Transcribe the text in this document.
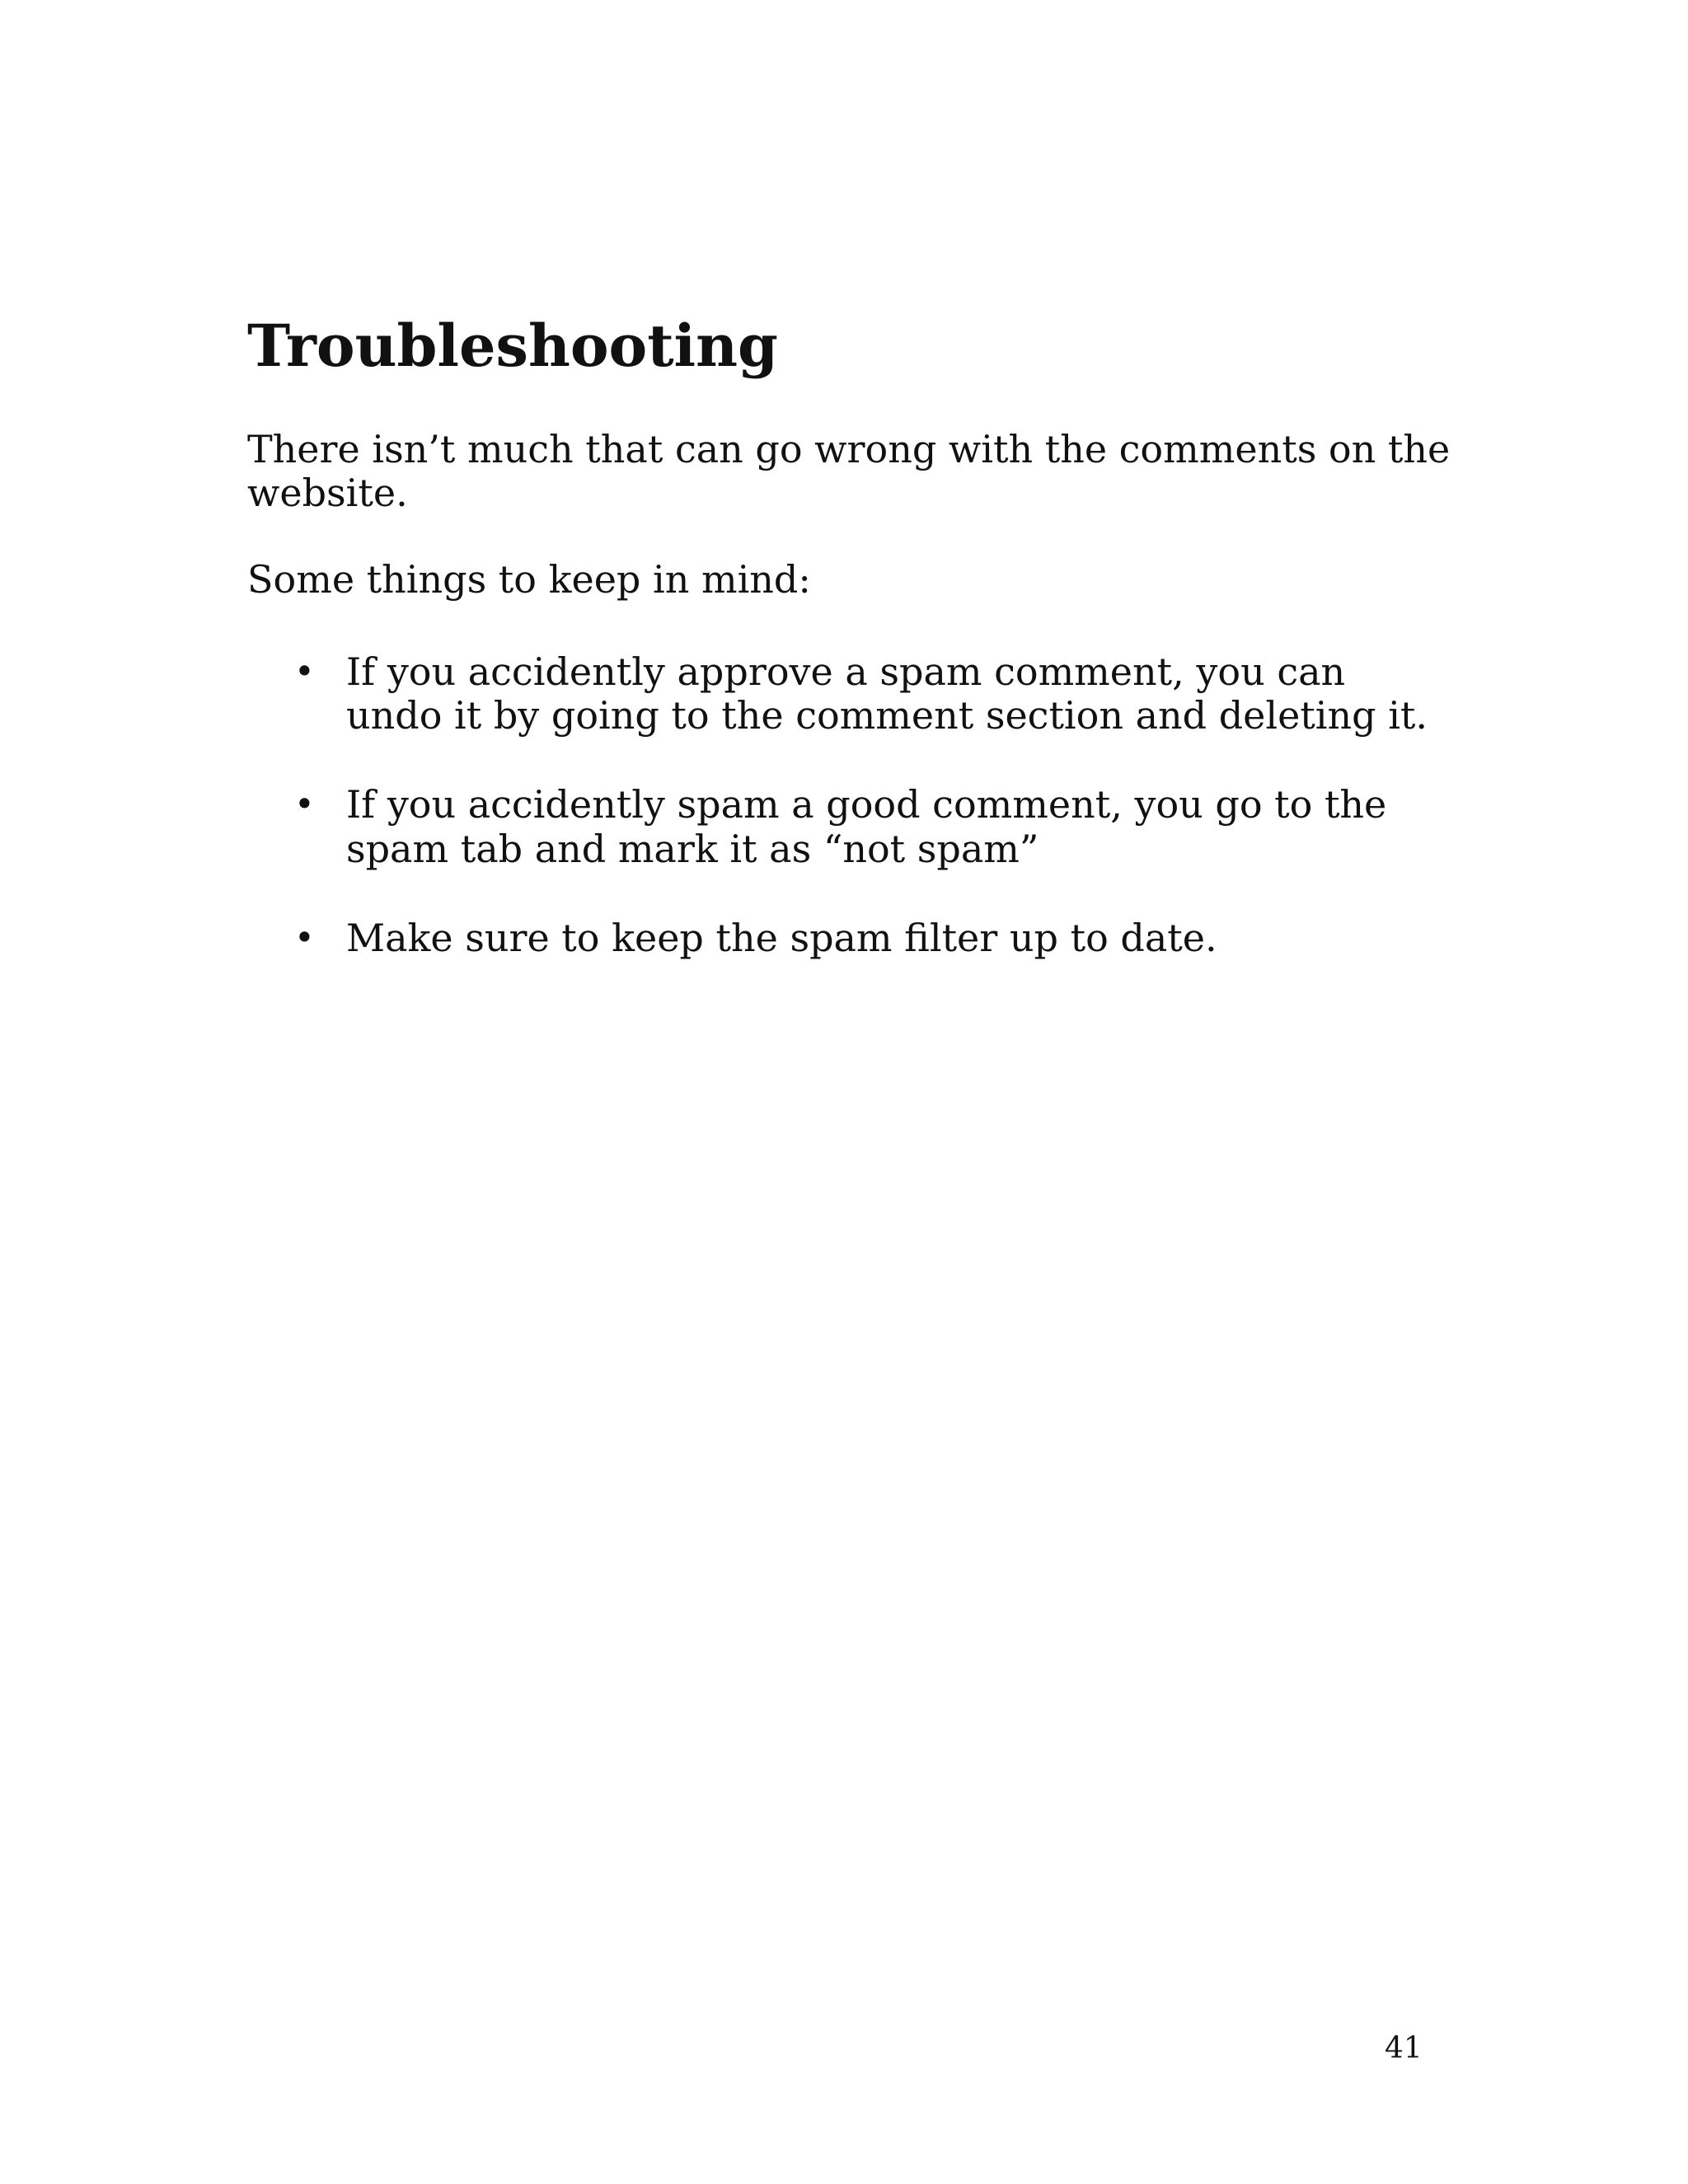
Troubleshooting

There isn’t much that can go wrong with the comments on the website.

Some things to keep in mind:

• If you accidently approve a spam comment, you can undo it by going to the comment section and deleting it.
• If you accidently spam a good comment, you go to the spam tab and mark it as “not spam”
• Make sure to keep the spam filter up to date.
41
